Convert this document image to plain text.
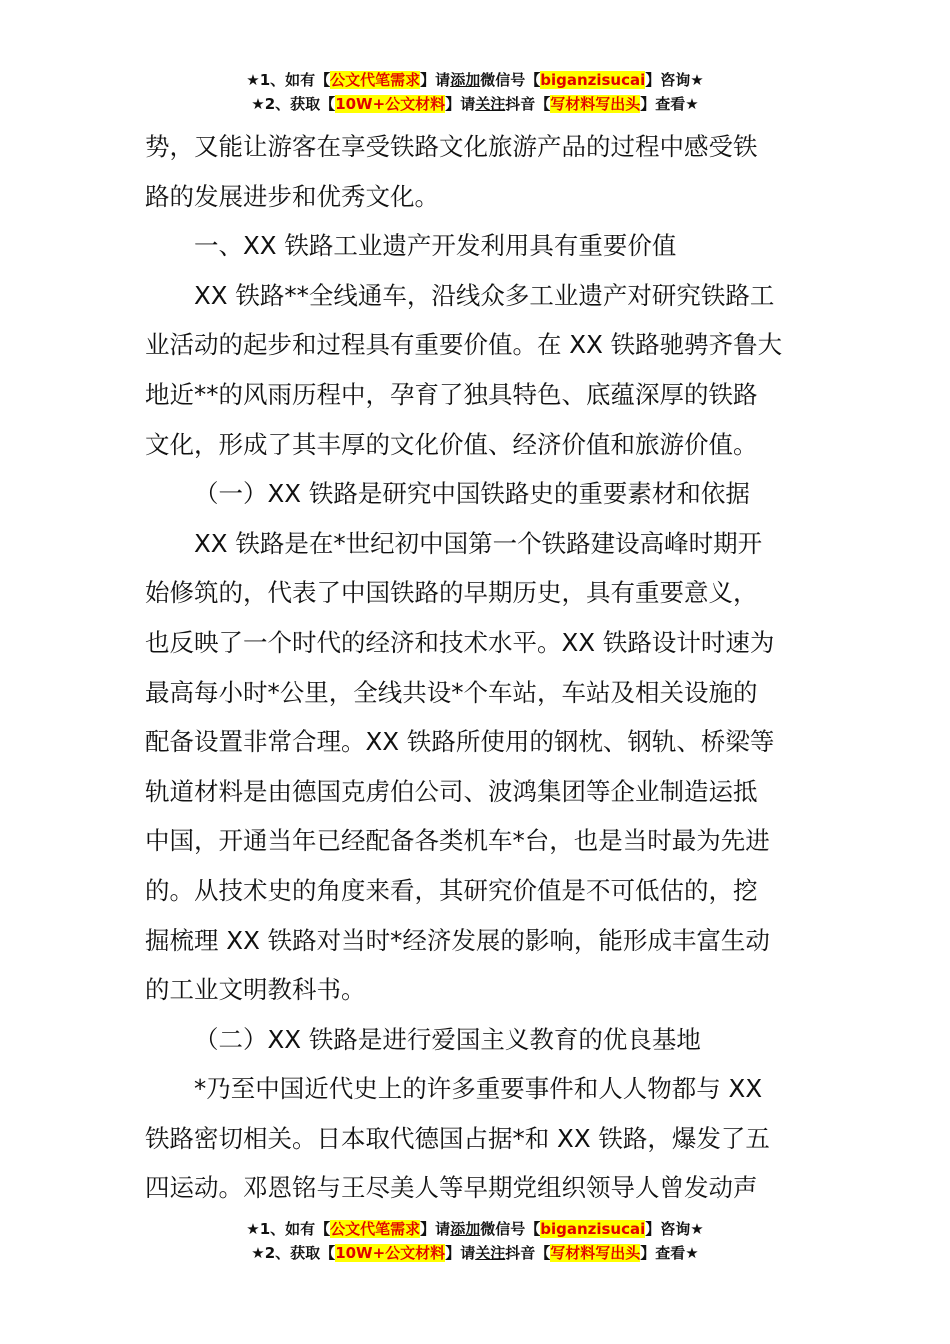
★1、如有【公文代笔需求】请添加微信号【biganzisucai】咨询★
★2、获取【10W+公文材料】请关注抖音【写材料写出头】查看★

势，又能让游客在享受铁路文化旅游产品的过程中感受铁

路的发展进步和优秀文化。

一、XX 铁路工业遗产开发利用具有重要价值

XX 铁路**全线通车，沿线众多工业遗产对研究铁路工

业活动的起步和过程具有重要价值。在 XX 铁路驰骋齐鲁大

地近**的风雨历程中，孕育了独具特色、底蕴深厚的铁路

文化，形成了其丰厚的文化价值、经济价值和旅游价值。

（一）XX 铁路是研究中国铁路史的重要素材和依据

XX 铁路是在*世纪初中国第一个铁路建设高峰时期开

始修筑的，代表了中国铁路的早期历史，具有重要意义，

也反映了一个时代的经济和技术水平。XX 铁路设计时速为

最高每小时*公里，全线共设*个车站，车站及相关设施的

配备设置非常合理。XX 铁路所使用的钢枕、钢轨、桥梁等

轨道材料是由德国克虏伯公司、波鸿集团等企业制造运抵

中国，开通当年已经配备各类机车*台，也是当时最为先进

的。从技术史的角度来看，其研究价值是不可低估的，挖

掘梳理 XX 铁路对当时*经济发展的影响，能形成丰富生动

的工业文明教科书。

（二）XX 铁路是进行爱国主义教育的优良基地

*乃至中国近代史上的许多重要事件和人人物都与 XX

铁路密切相关。日本取代德国占据*和 XX 铁路，爆发了五

四运动。邓恩铭与王尽美人等早期党组织领导人曾发动声

★1、如有【公文代笔需求】请添加微信号【biganzisucai】咨询★
★2、获取【10W+公文材料】请关注抖音【写材料写出头】查看★
